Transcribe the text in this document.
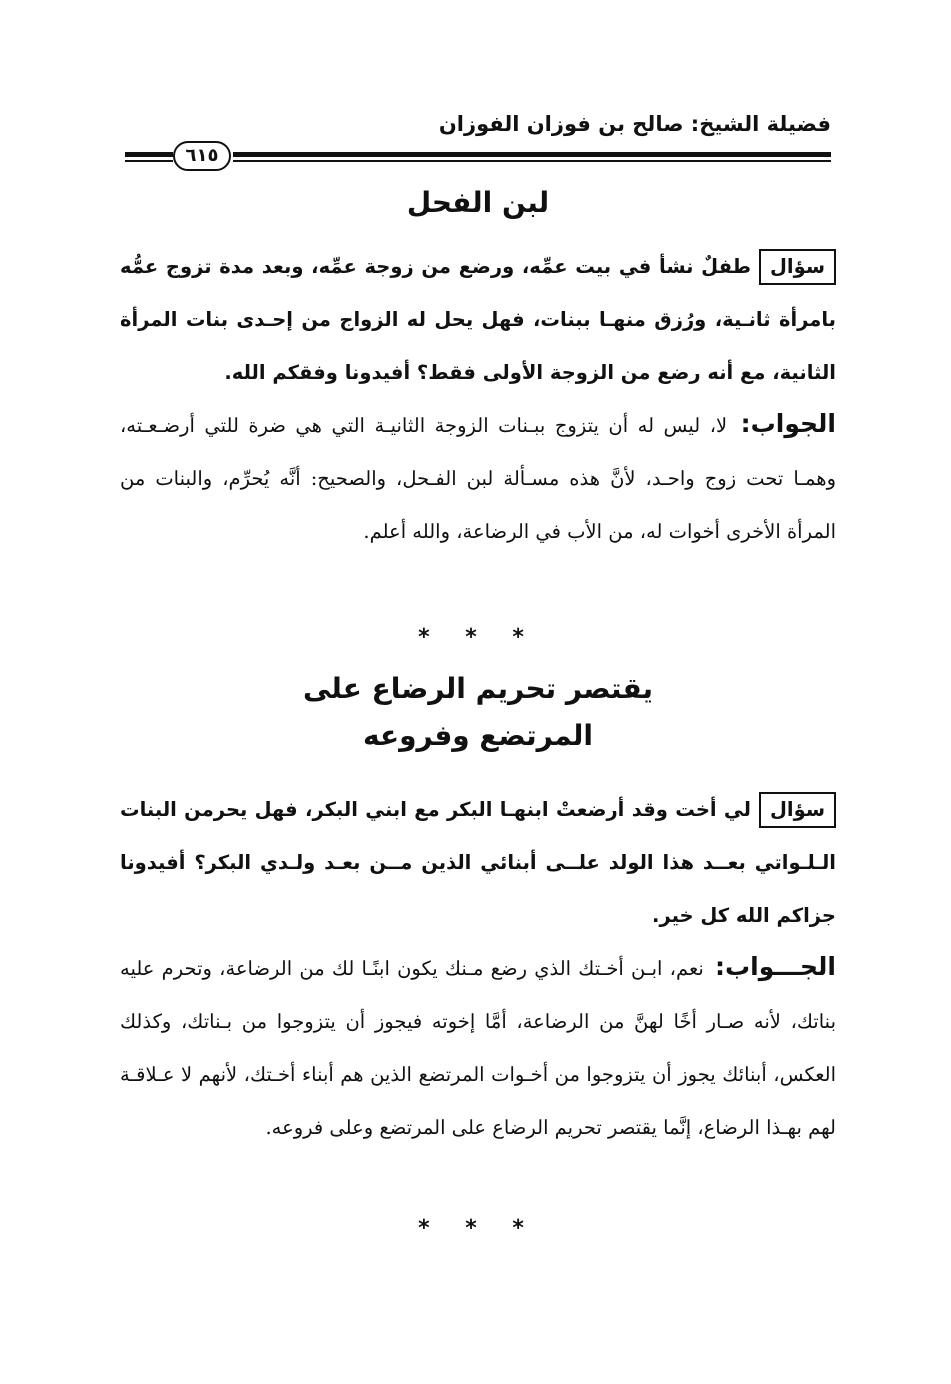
فضيلة الشيخ: صالح بن فوزان الفوزان
٦١٥
لبن الفحل

سؤالطفلٌ نشأ في بيت عمِّه، ورضع من زوجة عمِّه، وبعد مدة تزوج عمُّه بامرأة ثانـية، ورُزق منهـا ببنات، فهل يحل له الزواج من إحـدى بنات المرأة الثانية، مع أنه رضع من الزوجة الأولى فقط؟ أفيدونا وفقكم الله.

الجواب: لا، ليس له أن يتزوج ببـنات الزوجة الثانيـة التي هي ضرة للتي أرضـعـته، وهمـا تحت زوج واحـد، لأنَّ هذه مسـألة لبن الفـحل، والصحيح: أنَّه يُحرِّم، والبنات من المرأة الأخرى أخوات له، من الأب في الرضاعة، والله أعلم.

* * *
يقتصر تحريم الرضاع على
المرتضع وفروعه

سؤاللي أخت وقد أرضعتْ ابنهـا البكر مع ابني البكر، فهل يحرمن البنات الـلـواتي بعــد هذا الولد علــى أبنائي الذين مــن بعـد ولـدي البكر؟ أفيدونا جزاكم الله كل خير.

الجـــواب: نعم، ابـن أخـتك الذي رضع مـنك يكون ابنًـا لك من الرضاعة، وتحرم عليه بناتك، لأنه صـار أخًا لهنَّ من الرضاعة، أمَّا إخوته فيجوز أن يتزوجوا من بـناتك، وكذلك العكس، أبنائك يجوز أن يتزوجوا من أخـوات المرتضع الذين هم أبناء أخـتك، لأنهم لا عـلاقـة لهم بهـذا الرضاع، إنَّما يقتصر تحريم الرضاع على المرتضع وعلى فروعه.

* * *
